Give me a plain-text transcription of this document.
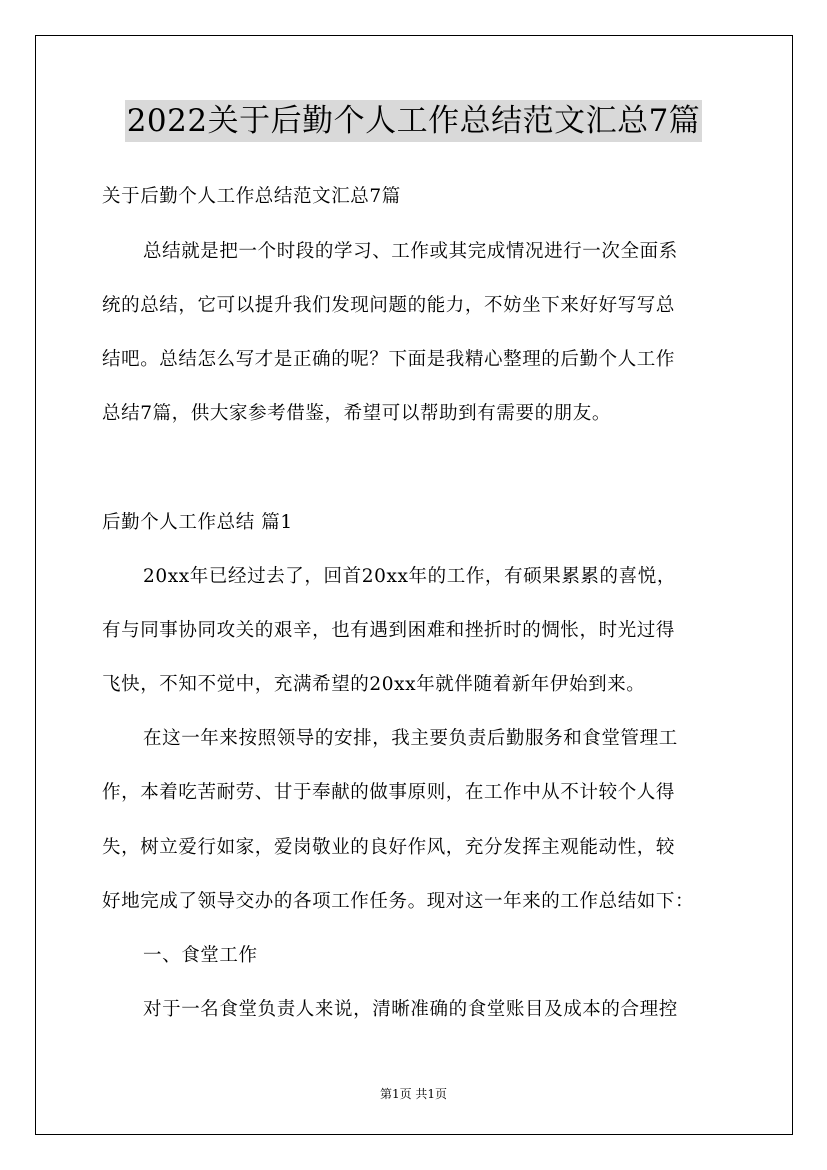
2022关于后勤个人工作总结范文汇总7篇
关于后勤个人工作总结范文汇总7篇
总结就是把一个时段的学习、工作或其完成情况进行一次全面系
统的总结，它可以提升我们发现问题的能力，不妨坐下来好好写写总
结吧。总结怎么写才是正确的呢？下面是我精心整理的后勤个人工作
总结7篇，供大家参考借鉴，希望可以帮助到有需要的朋友。
后勤个人工作总结 篇1
20xx年已经过去了，回首20xx年的工作，有硕果累累的喜悦，
有与同事协同攻关的艰辛，也有遇到困难和挫折时的惆怅，时光过得
飞快，不知不觉中，充满希望的20xx年就伴随着新年伊始到来。
在这一年来按照领导的安排，我主要负责后勤服务和食堂管理工
作，本着吃苦耐劳、甘于奉献的做事原则，在工作中从不计较个人得
失，树立爱行如家，爱岗敬业的良好作风，充分发挥主观能动性，较
好地完成了领导交办的各项工作任务。现对这一年来的工作总结如下：
一、食堂工作
对于一名食堂负责人来说，清晰准确的食堂账目及成本的合理控
第1页 共1页
